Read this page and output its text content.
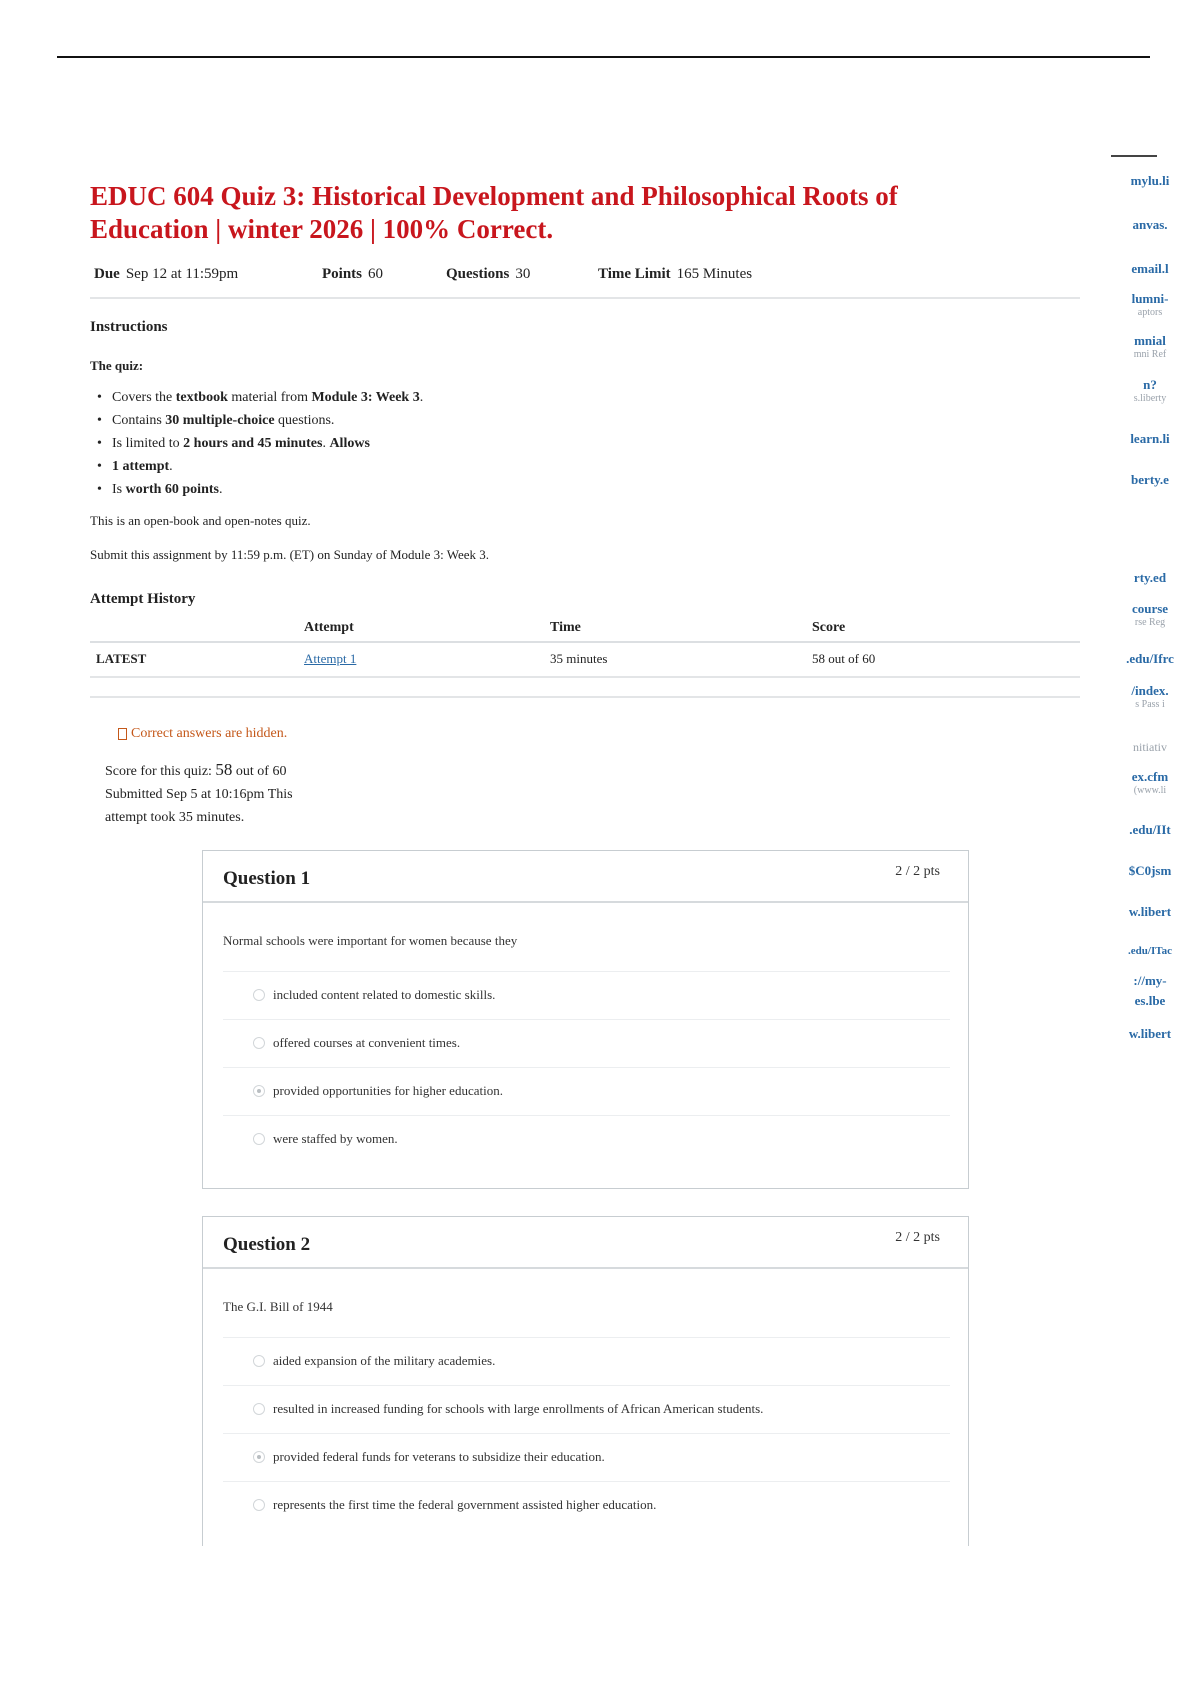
mylu.li
anvas.
email.l
lumni-
aptors
mnial
mni Ref
n?
s.liberty
learn.li
berty.e
rty.ed
course
rse Reg
.edu/Ifrc
/index.
s Pass i
nitiativ
ex.cfm
(www.li
.edu/IIt
$C0jsm
w.libert
.edu/ITac
://my-
es.lbe
w.libert
EDUC 604 Quiz 3: Historical Development and Philosophical Roots of Education | winter 2026 | 100% Correct.
Due Sep 12 at 11:59pm	Points 60	Questions 30	Time Limit 165 Minutes
Instructions
The quiz:
• Covers the textbook material from Module 3: Week 3.
• Contains 30 multiple-choice questions.
• Is limited to 2 hours and 45 minutes. Allows
• 1 attempt.
• Is worth 60 points.

This is an open-book and open-notes quiz.

Submit this assignment by 11:59 p.m. (ET) on Sunday of Module 3: Week 3.

Attempt History
	Attempt	Time	Score
LATEST	Attempt 1	35 minutes	58 out of 60
Correct answers are hidden.
Score for this quiz: 58 out of 60
Submitted Sep 5 at 10:16pm This attempt took 35 minutes.
Question 1	2 / 2 pts
Normal schools were important for women because they
included content related to domestic skills.
offered courses at convenient times.
provided opportunities for higher education.
were staffed by women.
Question 2	2 / 2 pts
The G.I. Bill of 1944
aided expansion of the military academies.
resulted in increased funding for schools with large enrollments of African American students.
provided federal funds for veterans to subsidize their education.
represents the first time the federal government assisted higher education.
